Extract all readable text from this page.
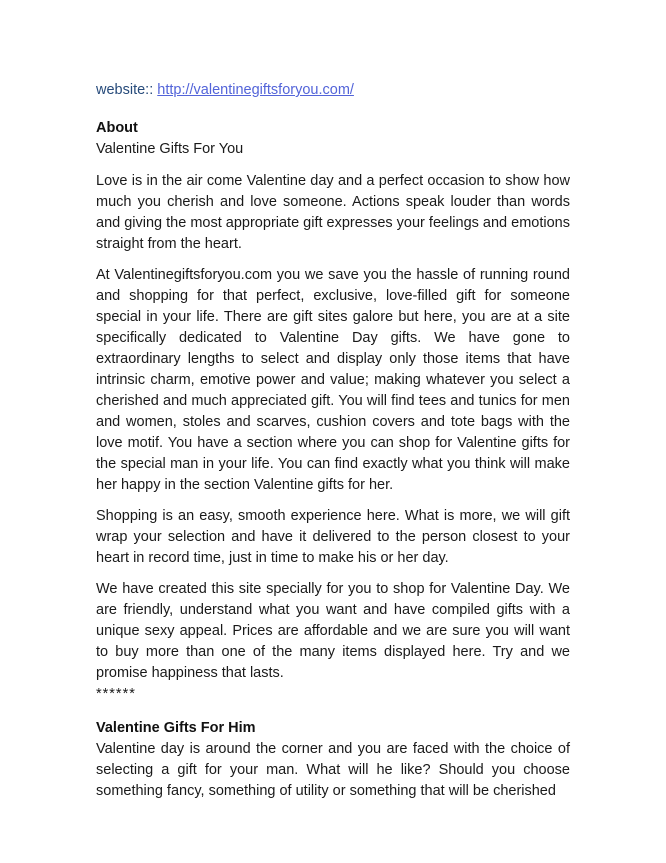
website:: http://valentinegiftsforyou.com/

About
Valentine Gifts For You

Love is in the air come Valentine day and a perfect occasion to show how much you cherish and love someone. Actions speak louder than words and giving the most appropriate gift expresses your feelings and emotions straight from the heart.

At Valentinegiftsforyou.com you we save you the hassle of running round and shopping for that perfect, exclusive, love-filled gift for someone special in your life. There are gift sites galore but here, you are at a site specifically dedicated to Valentine Day gifts. We have gone to extraordinary lengths to select and display only those items that have intrinsic charm, emotive power and value; making whatever you select a cherished and much appreciated gift. You will find tees and tunics for men and women, stoles and scarves, cushion covers and tote bags with the love motif. You have a section where you can shop for Valentine gifts for the special man in your life. You can find exactly what you think will make her happy in the section Valentine gifts for her.

Shopping is an easy, smooth experience here. What is more, we will gift wrap your selection and have it delivered to the person closest to your heart in record time, just in time to make his or her day.

We have created this site specially for you to shop for Valentine Day. We are friendly, understand what you want and have compiled gifts with a unique sexy appeal. Prices are affordable and we are sure you will want to buy more than one of the many items displayed here. Try and we promise happiness that lasts.

******
Valentine Gifts For Him

Valentine day is around the corner and you are faced with the choice of selecting a gift for your man. What will he like? Should you choose something fancy, something of utility or something that will be cherished
